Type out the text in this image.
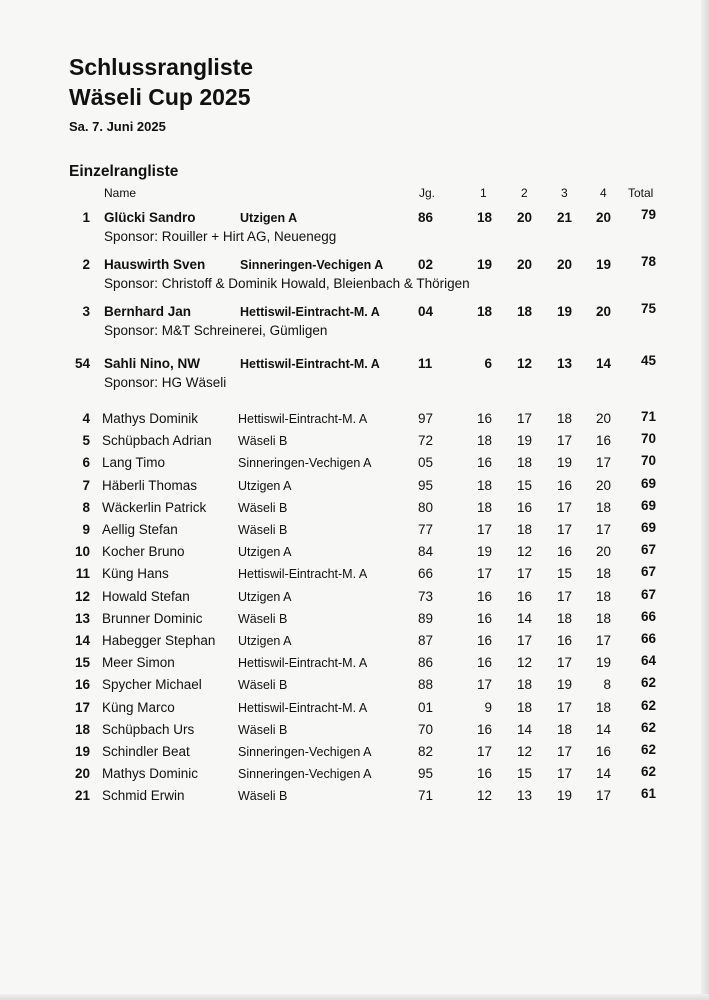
Schlussrangliste
Wäseli Cup 2025
Sa. 7. Juni 2025
Einzelrangliste
Name	Jg.	1	2	3	4 Total
1 Glücki Sandro	Utzigen A	86	18	20	21	20	79
Sponsor: Rouiller + Hirt AG, Neuenegg
2 Hauswirth Sven	Sinneringen-Vechigen A	02	19	20	20	19	78
Sponsor: Christoff & Dominik Howald, Bleienbach & Thörigen
3 Bernhard Jan	Hettiswil-Eintracht-M. A	04	18	18	19	20	75
Sponsor: M&T Schreinerei, Gümligen
54 Sahli Nino, NW	Hettiswil-Eintracht-M. A	11	6	12	13	14	45
Sponsor: HG Wäseli
4 Mathys Dominik	Hettiswil-Eintracht-M. A	97	16	17	18	20	71
5 Schüpbach Adrian Wäseli B	72	18	19	17	16	70
6 Lang Timo	Sinneringen-Vechigen A	05	16	18	19	17	70
7 Häberli Thomas	Utzigen A	95	18	15	16	20	69
8 Wäckerlin Patrick	Wäseli B	80	18	16	17	18	69
9 Aellig Stefan	Wäseli B	77	17	18	17	17	69
10 Kocher Bruno	Utzigen A	84	19	12	16	20	67
11 Küng Hans	Hettiswil-Eintracht-M. A	66	17	17	15	18	67
12 Howald Stefan	Utzigen A	73	16	16	17	18	67
13 Brunner Dominic	Wäseli B	89	16	14	18	18	66
14 Habegger Stephan Utzigen A	87	16	17	16	17	66
15 Meer Simon	Hettiswil-Eintracht-M. A	86	16	12	17	19	64
16 Spycher Michael	Wäseli B	88	17	18	19	8	62
17 Küng Marco	Hettiswil-Eintracht-M. A	01	9	18	17	18	62
18 Schüpbach Urs	Wäseli B	70	16	14	18	14	62
19 Schindler Beat	Sinneringen-Vechigen A	82	17	12	17	16	62
20 Mathys Dominic	Sinneringen-Vechigen A	95	16	15	17	14	62
21 Schmid Erwin	Wäseli B	71	12	13	19	17	61
